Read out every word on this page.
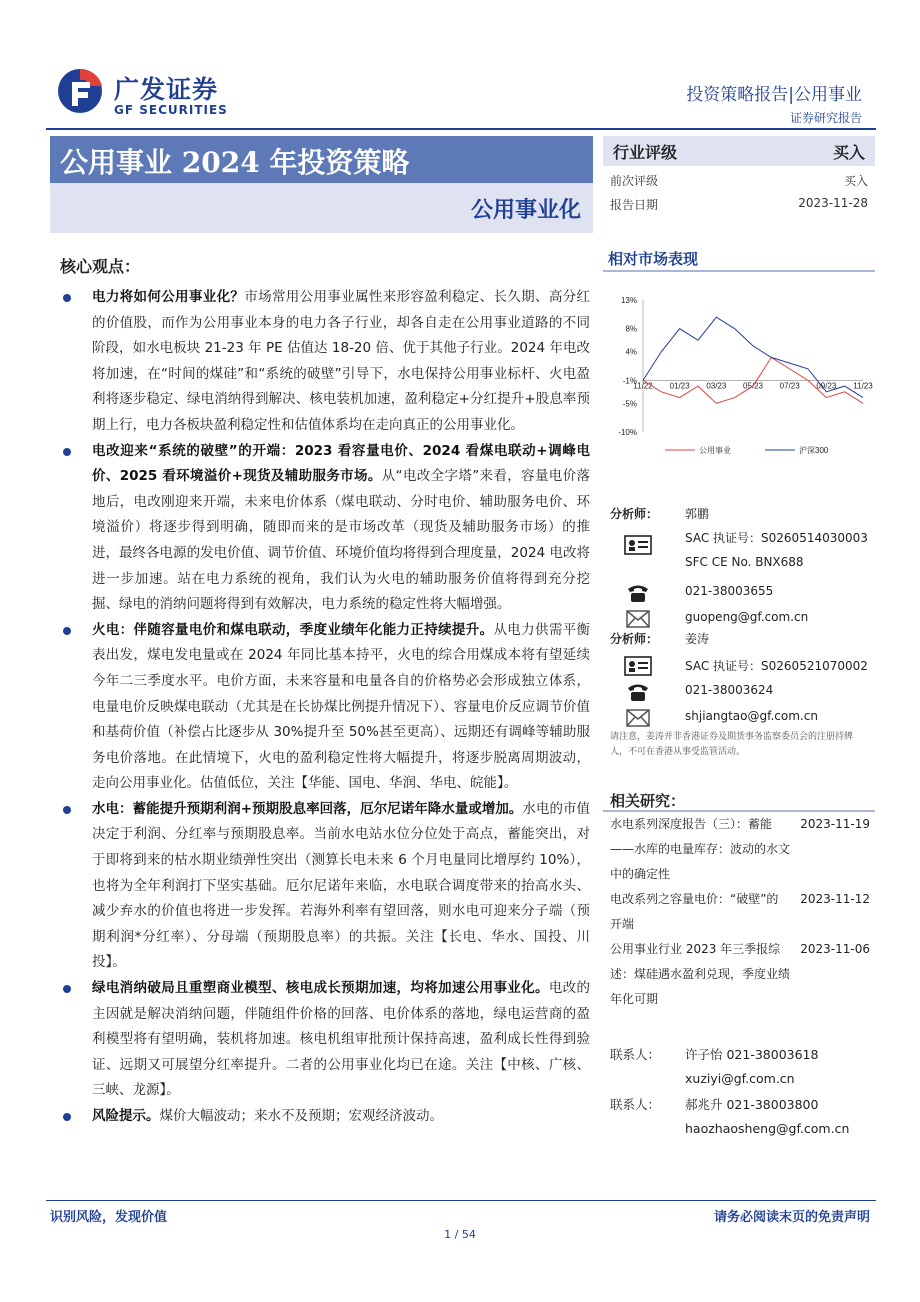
广发证券
GF SECURITIES
投资策略报告|公用事业
证券研究报告
公用事业 2024 年投资策略
公用事业化
行业评级	买入
前次评级	买入
报告日期	2023-11-28
核心观点：
电力将如何公用事业化？市场常用公用事业属性来形容盈利稳定、长久期、高分红的价值股，而作为公用事业本身的电力各子行业，却各自走在公用事业道路的不同阶段，如水电板块 21-23 年 PE 估值达 18-20 倍、优于其他子行业。2024 年电改将加速，在“时间的煤硅”和“系统的破壁”引导下，水电保持公用事业标杆、火电盈利将逐步稳定、绿电消纳得到解决、核电装机加速，盈利稳定+分红提升+股息率预期上行，电力各板块盈利稳定性和估值体系均在走向真正的公用事业化。
电改迎来“系统的破壁”的开端：2023 看容量电价、2024 看煤电联动+调峰电价、2025 看环境溢价+现货及辅助服务市场。从“电改全字塔”来看，容量电价落地后，电改刚迎来开端，未来电价体系（煤电联动、分时电价、辅助服务电价、环境溢价）将逐步得到明确，随即而来的是市场改革（现货及辅助服务市场）的推进，最终各电源的发电价值、调节价值、环境价值均将得到合理度量，2024 电改将进一步加速。站在电力系统的视角，我们认为火电的辅助服务价值将得到充分挖掘、绿电的消纳问题将得到有效解决，电力系统的稳定性将大幅增强。
火电：伴随容量电价和煤电联动，季度业绩年化能力正持续提升。从电力供需平衡表出发，煤电发电量或在 2024 年同比基本持平，火电的综合用煤成本将有望延续今年二三季度水平。电价方面，未来容量和电量各自的价格势必会形成独立体系，电量电价反映煤电联动（尤其是在长协煤比例提升情况下）、容量电价反应调节价值和基荷价值（补偿占比逐步从 30%提升至 50%甚至更高）、远期还有调峰等辅助服务电价落地。在此情境下，火电的盈利稳定性将大幅提升，将逐步脱离周期波动，走向公用事业化。估值低位，关注【华能、国电、华润、华电、皖能】。
水电：蓄能提升预期利润+预期股息率回落，厄尔尼诺年降水量或增加。水电的市值决定于利润、分红率与预期股息率。当前水电站水位分位处于高点，蓄能突出，对于即将到来的枯水期业绩弹性突出（测算长电未来 6 个月电量同比增厚约 10%），也将为全年利润打下坚实基础。厄尔尼诺年来临，水电联合调度带来的抬高水头、减少弃水的价值也将进一步发挥。若海外利率有望回落，则水电可迎来分子端（预期利润*分红率）、分母端（预期股息率）的共振。关注【长电、华水、国投、川投】。
绿电消纳破局且重塑商业模型、核电成长预期加速，均将加速公用事业化。电改的主因就是解决消纳问题，伴随组件价格的回落、电价体系的落地，绿电运营商的盈利模型将有望明确，装机将加速。核电机组审批预计保持高速，盈利成长性得到验证、远期又可展望分红率提升。二者的公用事业化均已在途。关注【中核、广核、三峡、龙源】。
风险提示。煤价大幅波动；来水不及预期；宏观经济波动。
相对市场表现
13%
8%
4%
-1%
-5%
-10%
11/22 01/23 03/23 05/23 07/23 09/23 11/23
公用事业	沪深300
分析师： 郭鹏
SAC 执证号：S0260514030003
SFC CE No. BNX688
021-38003655
guopeng@gf.com.cn
分析师： 姜涛
SAC 执证号：S0260521070002
021-38003624
shjiangtao@gf.com.cn
请注意，姜涛并非香港证券及期货事务监察委员会的注册持牌人，不可在香港从事受监管活动。
相关研究：
水电系列深度报告（三）：蓄能——水库的电量库存：波动的水文中的确定性
2023-11-19
电改系列之容量电价：“破壁”的开端
2023-11-12
公用事业行业 2023 年三季报综述：煤硅遇水盈利兑现，季度业绩年化可期
2023-11-06
联系人： 许子怡 021-38003618
xuziyi@gf.com.cn
联系人： 郝兆升 021-38003800
haozhaosheng@gf.com.cn
识别风险，发现价值	请务必阅读末页的免责声明
1 / 54
